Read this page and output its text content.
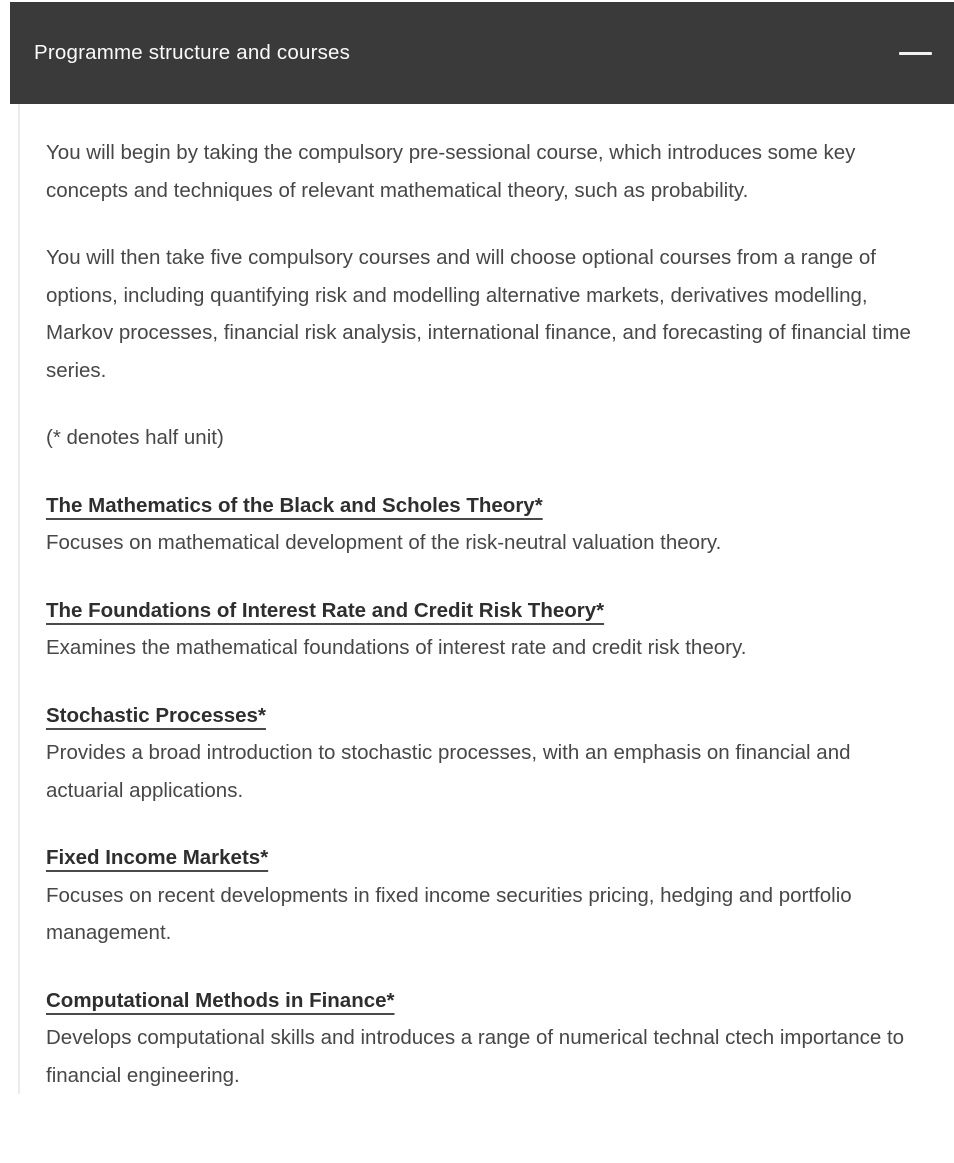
Programme structure and courses

You will begin by taking the compulsory pre-sessional course, which introduces some key concepts and techniques of relevant mathematical theory, such as probability.

You will then take five compulsory courses and will choose optional courses from a range of options, including quantifying risk and modelling alternative markets, derivatives modelling, Markov processes, financial risk analysis, international finance, and forecasting of financial time series.

(* denotes half unit)

The Mathematics of the Black and Scholes Theory*

Focuses on mathematical development of the risk-neutral valuation theory.

The Foundations of Interest Rate and Credit Risk Theory*

Examines the mathematical foundations of interest rate and credit risk theory.

Stochastic Processes*

Provides a broad introduction to stochastic processes, with an emphasis on financial and actuarial applications.

Fixed Income Markets*

Focuses on recent developments in fixed income securities pricing, hedging and portfolio management.

Computational Methods in Finance*

Develops computational skills and introduces a range of numerical technal ctech importance to financial engineering.
